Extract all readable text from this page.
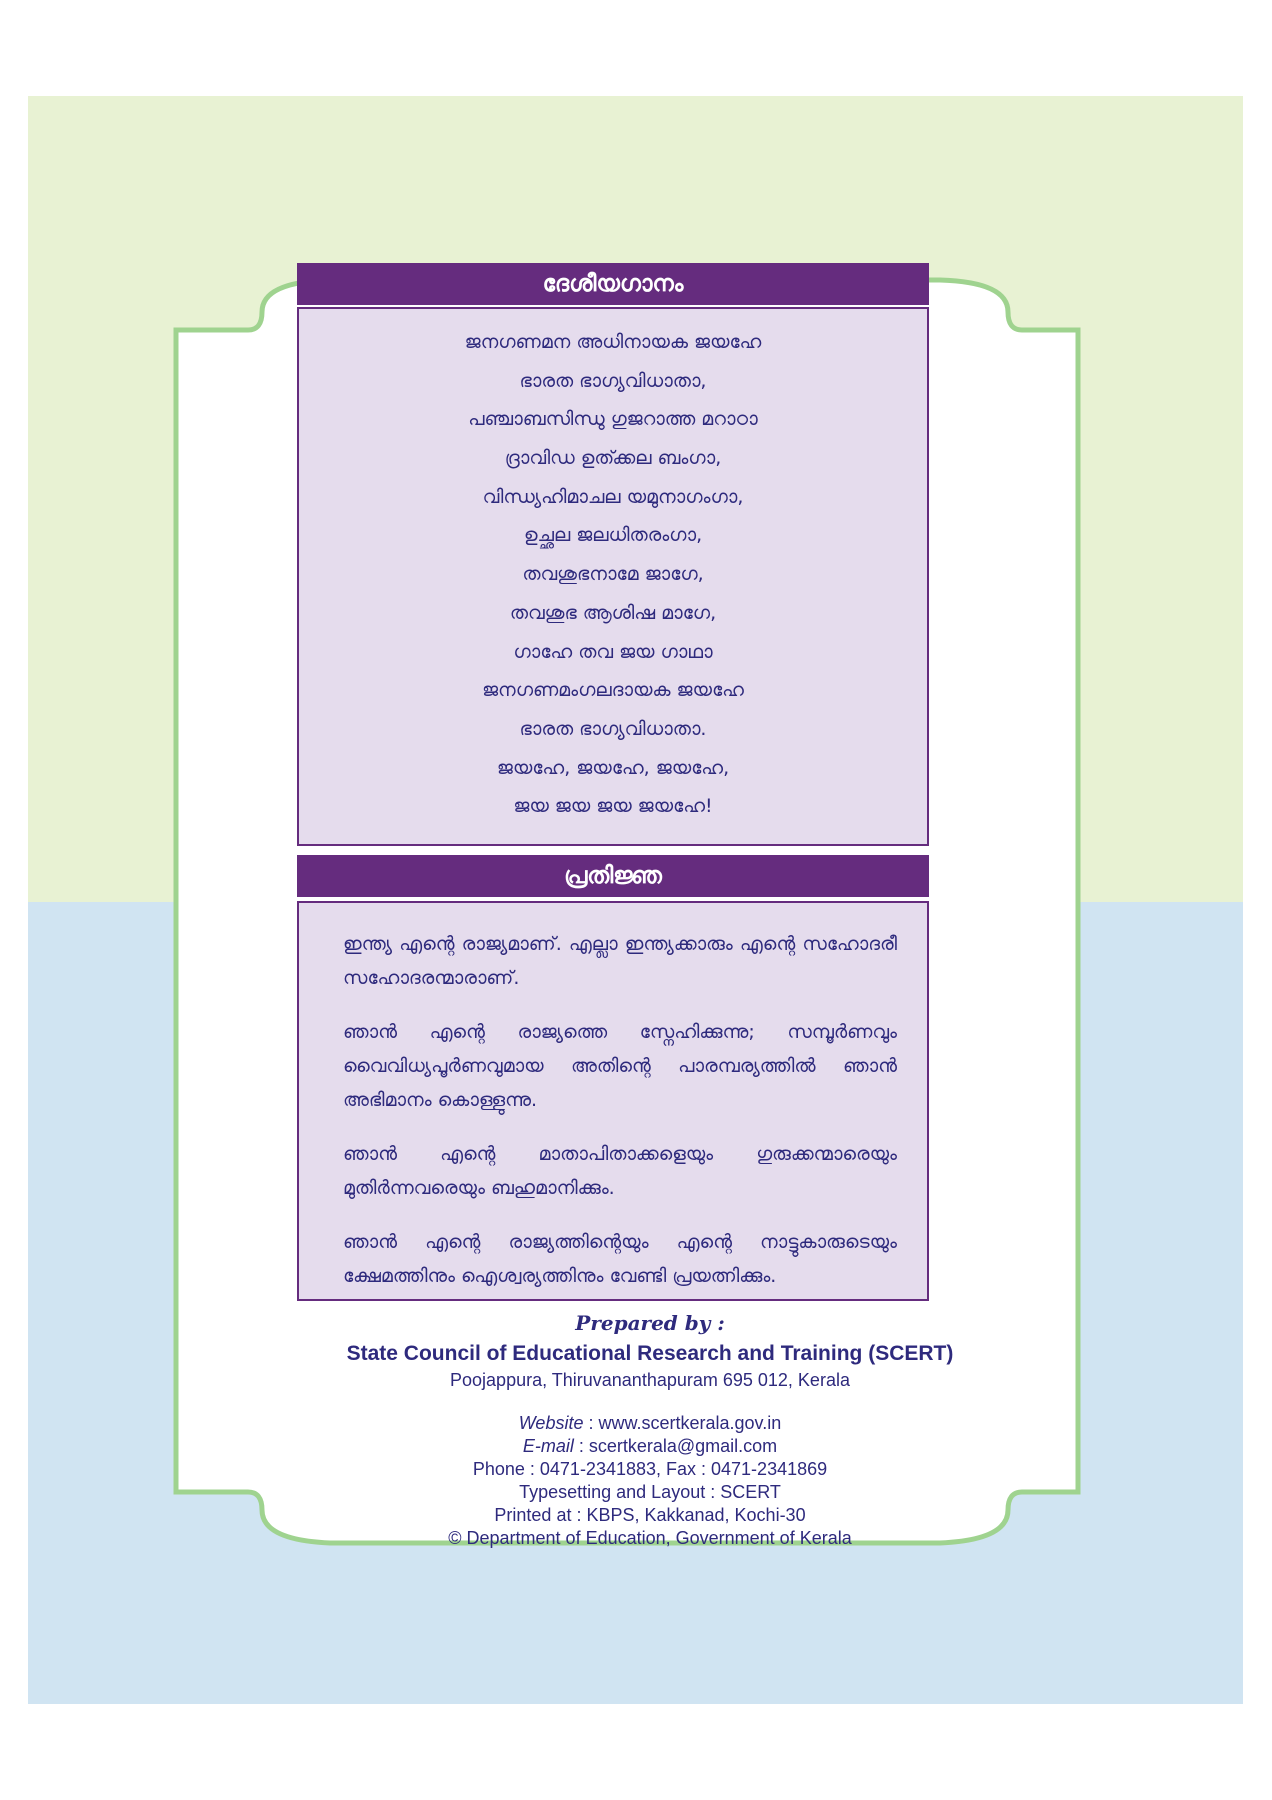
ദേശീയഗാനം
ജനഗണമന അധിനായക ജയഹേ
ഭാരത ഭാഗ്യവിധാതാ,
പഞ്ചാബസിന്ധു ഗുജറാത്ത മറാഠാ
ദ്രാവിഡ ഉത്ക്കല ബംഗാ,
വിന്ധ്യഹിമാചല യമുനാഗംഗാ,
ഉച്ഛല ജലധിതരംഗാ,
തവശുഭനാമേ ജാഗേ,
തവശുഭ ആശിഷ മാഗേ,
ഗാഹേ തവ ജയ ഗാഥാ
ജനഗണമംഗലദായക ജയഹേ
ഭാരത ഭാഗ്യവിധാതാ.
ജയഹേ, ജയഹേ, ജയഹേ,
ജയ ജയ ജയ ജയഹേ!
പ്രതിജ്ഞ

ഇന്ത്യ എന്റെ രാജ്യമാണ്. എല്ലാ ഇന്ത്യക്കാരും എന്റെ സഹോദരീ സഹോദരന്മാരാണ്.

ഞാൻ എന്റെ രാജ്യത്തെ സ്നേഹിക്കുന്നു; സമ്പൂർണവും വൈവിധ്യപൂർണവുമായ അതിന്റെ പാരമ്പര്യത്തിൽ ഞാൻ അഭിമാനം കൊള്ളുന്നു.

ഞാൻ എന്റെ മാതാപിതാക്കളെയും ഗുരുക്കന്മാരെയും മുതിർന്നവരെയും ബഹുമാനിക്കും.

ഞാൻ എന്റെ രാജ്യത്തിന്റെയും എന്റെ നാട്ടുകാരുടെയും ക്ഷേമത്തിനും ഐശ്വര്യത്തിനും വേണ്ടി പ്രയത്നിക്കും.

Prepared by :

State Council of Educational Research and Training (SCERT)

Poojappura, Thiruvananthapuram 695 012, Kerala

Website : www.scertkerala.gov.in

E-mail : scertkerala@gmail.com

Phone : 0471-2341883, Fax : 0471-2341869

Typesetting and Layout : SCERT

Printed at : KBPS, Kakkanad, Kochi-30

© Department of Education, Government of Kerala
